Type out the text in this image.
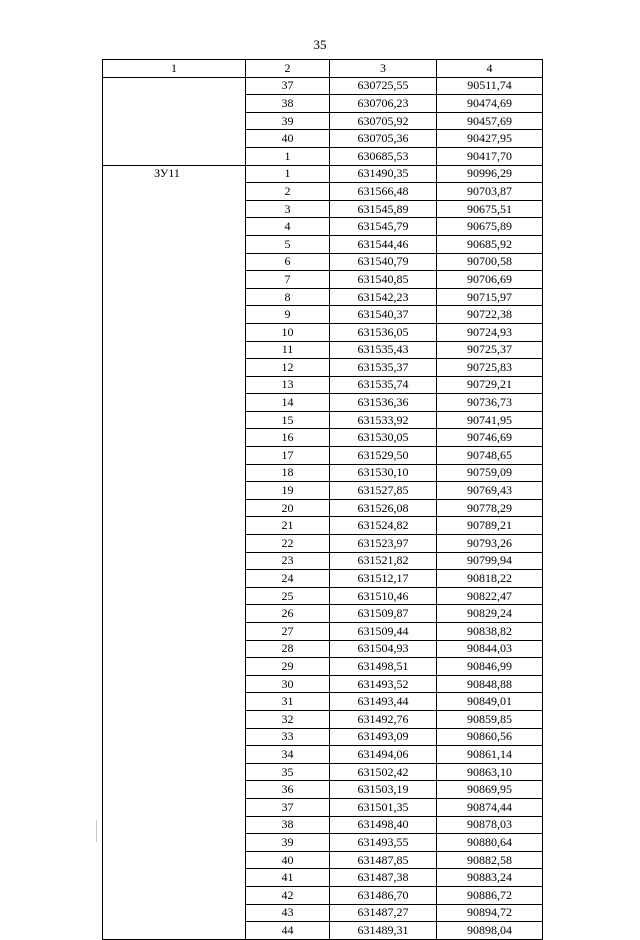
35
1	2	3	4

	37	630725,55	90511,74
	38	630706,23	90474,69
	39	630705,92	90457,69
	40	630705,36	90427,95
	1	630685,53	90417,70

ЗУ11	1	631490,35	90996,29
	2	631566,48	90703,87
	3	631545,89	90675,51
	4	631545,79	90675,89
	5	631544,46	90685,92
	6	631540,79	90700,58
	7	631540,85	90706,69
	8	631542,23	90715,97
	9	631540,37	90722,38
	10	631536,05	90724,93
	11	631535,43	90725,37
	12	631535,37	90725,83
	13	631535,74	90729,21
	14	631536,36	90736,73
	15	631533,92	90741,95
	16	631530,05	90746,69
	17	631529,50	90748,65
	18	631530,10	90759,09
	19	631527,85	90769,43
	20	631526,08	90778,29
	21	631524,82	90789,21
	22	631523,97	90793,26
	23	631521,82	90799,94
	24	631512,17	90818,22
	25	631510,46	90822,47
	26	631509,87	90829,24
	27	631509,44	90838,82
	28	631504,93	90844,03
	29	631498,51	90846,99
	30	631493,52	90848,88
	31	631493,44	90849,01
	32	631492,76	90859,85
	33	631493,09	90860,56
	34	631494,06	90861,14
	35	631502,42	90863,10
	36	631503,19	90869,95
	37	631501,35	90874,44
	38	631498,40	90878,03
	39	631493,55	90880,64
	40	631487,85	90882,58
	41	631487,38	90883,24
	42	631486,70	90886,72
	43	631487,27	90894,72
	44	631489,31	90898,04
